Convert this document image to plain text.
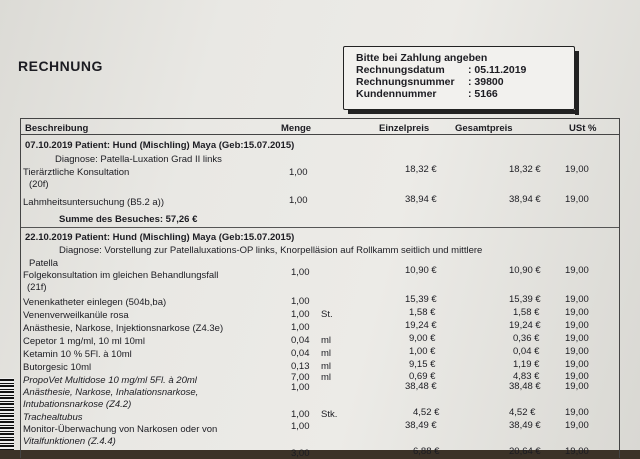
RECHNUNG	Bitte bei Zahlung angeben
Rechnungsdatum	: 05.11.2019
Rechnungsnummer	: 39800
Kundennummer	: 5166
Beschreibung	Menge	Einzelpreis	Gesamtpreis	USt %
07.10.2019 Patient: Hund (Mischling) Maya (Geb:15.07.2015)
Diagnose: Patella-Luxation Grad II links
Tierärztliche Konsultation
(20f)
1,00	18,32 €	18,32 €	19,00
Lahmheitsuntersuchung (B5.2 a))	1,00	38,94 €	38,94 €	19,00
Summe des Besuches: 57,26 €
22.10.2019 Patient: Hund (Mischling) Maya (Geb:15.07.2015)
Diagnose: Vorstellung zur Patellaluxations-OP links, Knorpelläsion auf Rollkamm seitlich und mittlere
Patella
Folgekonsultation im gleichen Behandlungsfall
(21f)
1,00	10,90 €	10,90 €	19,00
Venenkatheter einlegen (504b,ba)	1,00	15,39 €	15,39 €	19,00
Venenverweilkanüle rosa	1,00 St.	1,58 €	1,58 €	19,00
Anästhesie, Narkose, Injektionsnarkose (Z4.3e)	1,00	19,24 €	19,24 €	19,00
Cepetor 1 mg/ml, 10 ml 10ml	0,04 ml	9,00 €	0,36 €	19,00
Ketamin 10 % 5Fl. à 10ml	0,04 ml	1,00 €	0,04 €	19,00
Butorgesic 10ml	0,13 ml	9,15 €	1,19 €	19,00
PropoVet Multidose 10 mg/ml 5Fl. à 20ml	7,00 ml	0,69 €	4,83 €	19,00
Anästhesie, Narkose, Inhalationsnarkose,
Intubationsnarkose (Z4.2)
1,00	38,48 €	38,48 €	19,00
Trachealtubus	1,00 Stk.	4,52 €	4,52 €	19,00
Monitor-Überwachung von Narkosen oder von
Vitalfunktionen (Z.4.4)
1,00	38,49 €	38,49 €	19,00
3,00	6,88 €	20,64 €	19,00
